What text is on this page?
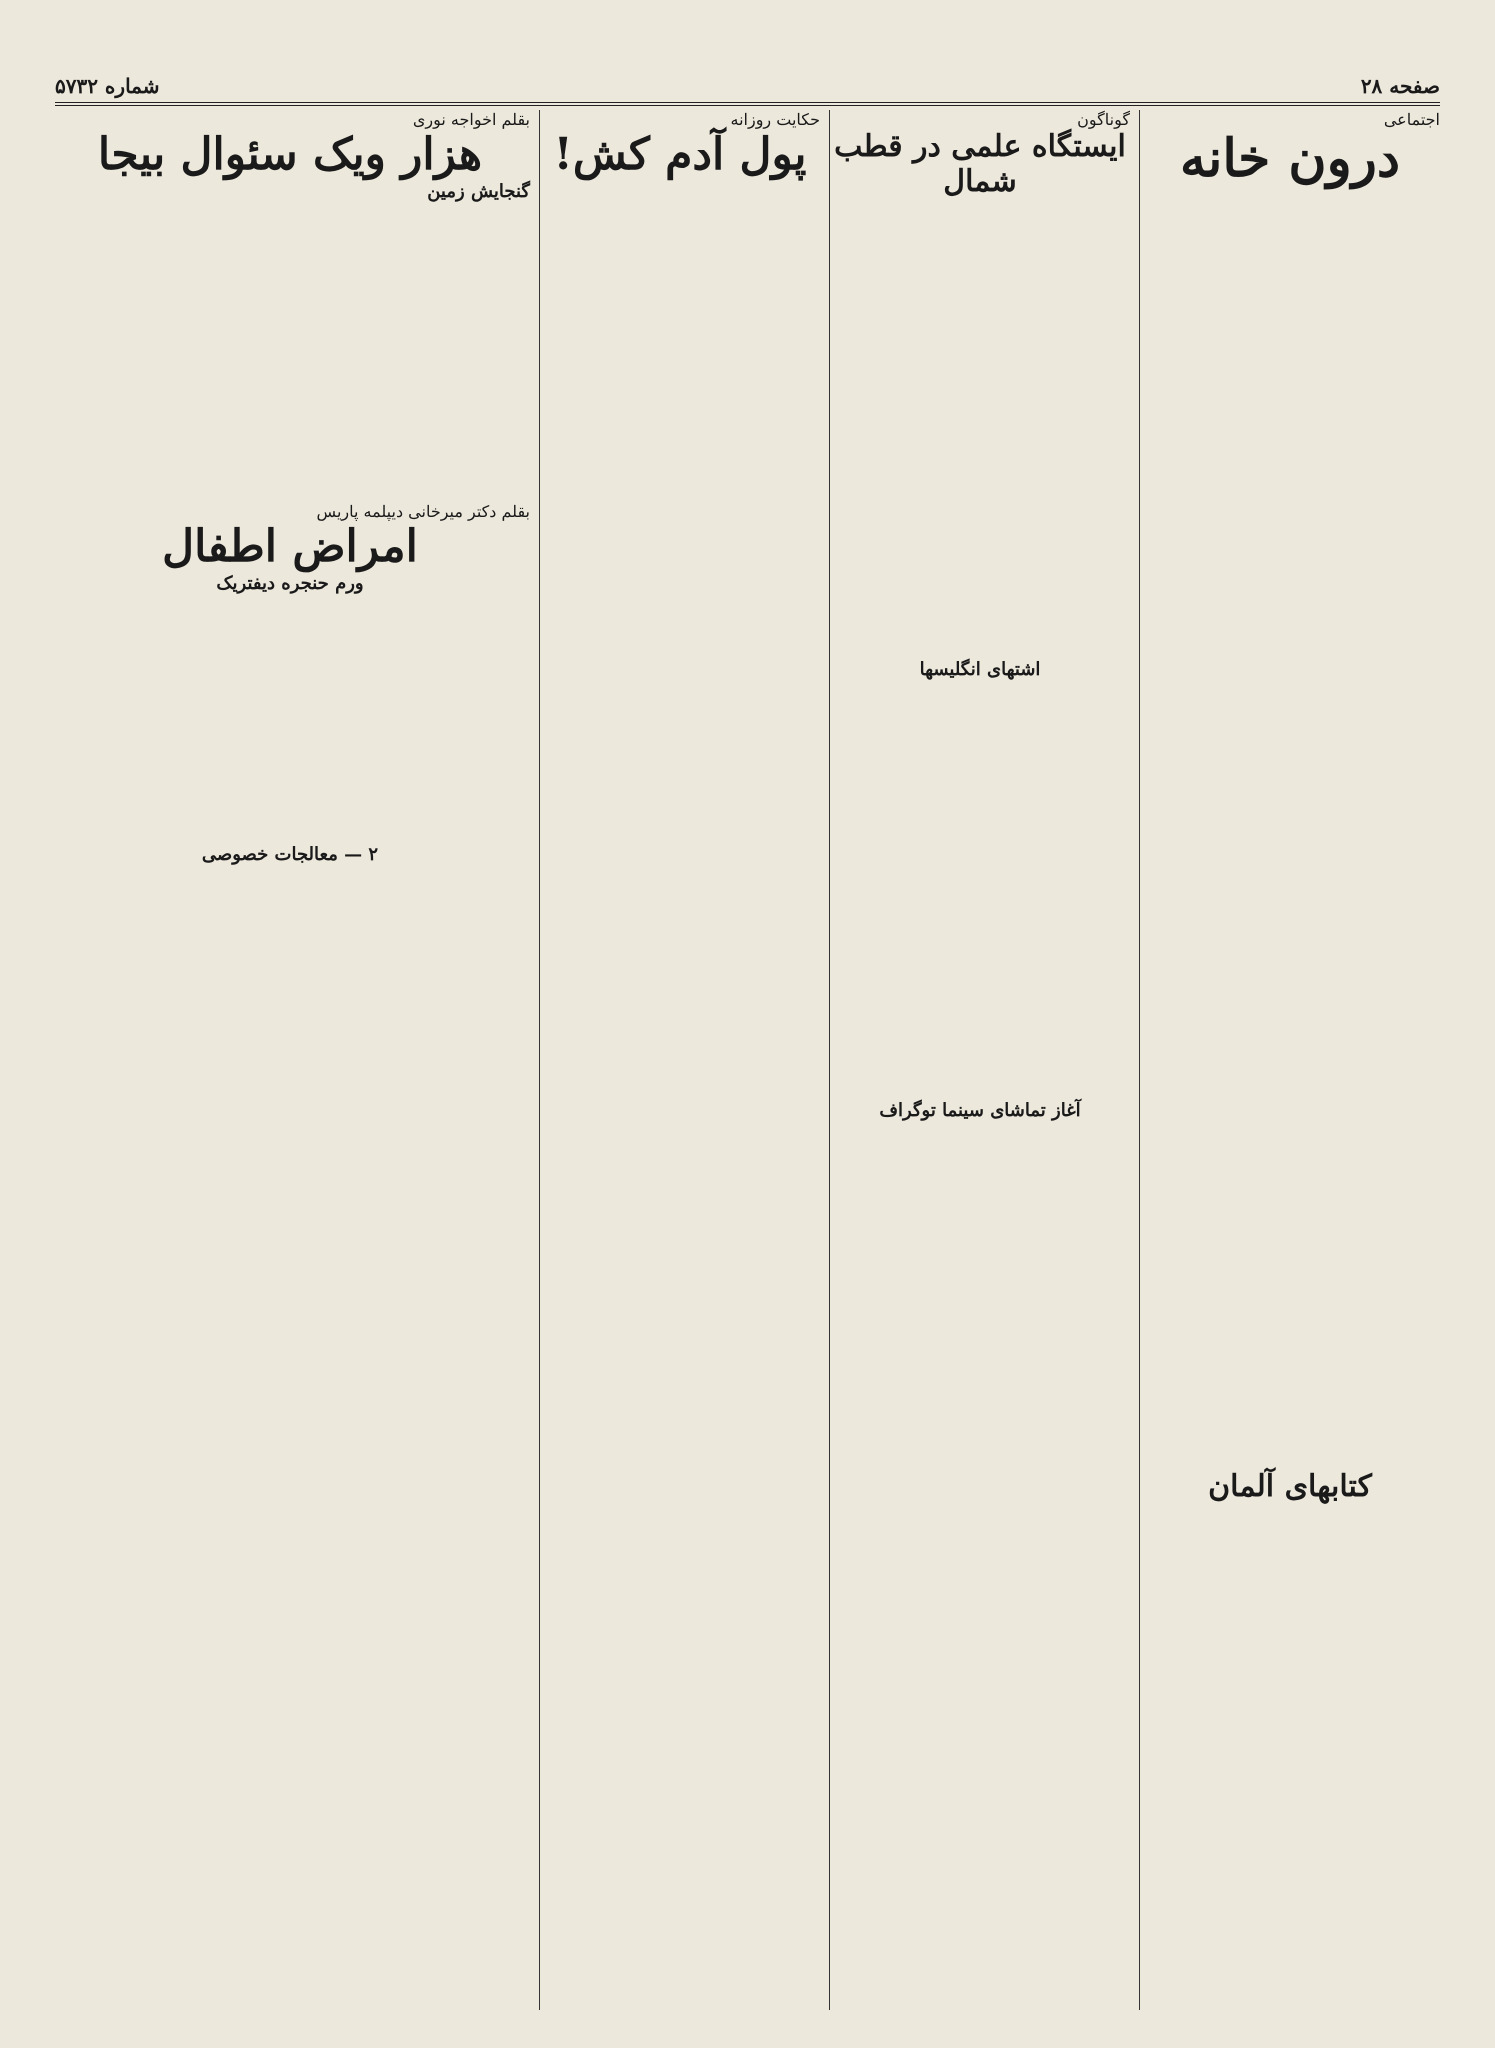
صفحه ۲۸
شماره ۵۷۳۲
اجتماعی
درون خانه
کتابهای آلمان
گوناگون
ایستگاه علمی در قطب شمال
اشتهای انگلیسها
آغاز تماشای سینما توگراف
حکایت روزانه
پول آدم کش!
بقلم اخواجه نوری
هزار ویک سئوال بیجا
گنجایش زمین
بقلم دکتر میرخانی دیپلمه پاریس
امراض اطفال
ورم حنجره دیفتریک
۲ — معالجات خصوصی
